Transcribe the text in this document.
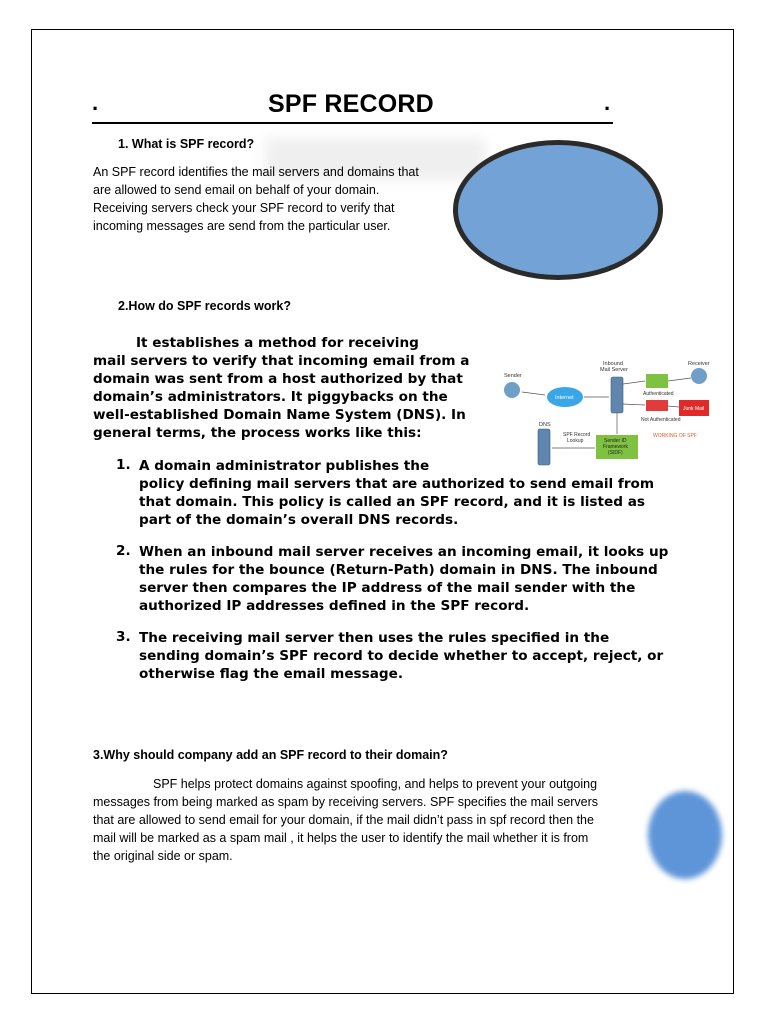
.	.
SPF RECORD
1. What is SPF record?
An SPF record identifies the mail servers and domains that
are allowed to send email on behalf of your domain.
Receiving servers check your SPF record to verify that
incoming messages are send from the particular user.
2.How do SPF records work?
It establishes a method for receiving
mail servers to verify that incoming email from a
domain was sent from a host authorized by that
domain’s administrators. It piggybacks on the
well-established Domain Name System (DNS). In
general terms, the process works like this:
Sender
Internet
Inbound
Mail Server
Receiver
Authenticated
Junk Mail
Not Authenticated
DNS
SPF Record
Lookup	Sender ID
Framework
(SIDF)
WORKING OF SPF
1. A domain administrator publishes the
policy defining mail servers that are authorized to send email from
that domain. This policy is called an SPF record, and it is listed as
part of the domain’s overall DNS records.
2. When an inbound mail server receives an incoming email, it looks up
the rules for the bounce (Return-Path) domain in DNS. The inbound
server then compares the IP address of the mail sender with the
authorized IP addresses defined in the SPF record.
3. The receiving mail server then uses the rules specified in the
sending domain’s SPF record to decide whether to accept, reject, or
otherwise flag the email message.
3.Why should company add an SPF record to their domain?
SPF helps protect domains against spoofing, and helps to prevent your outgoing
messages from being marked as spam by receiving servers. SPF specifies the mail servers
that are allowed to send email for your domain, if the mail didn’t pass in spf record then the
mail will be marked as a spam mail , it helps the user to identify the mail whether it is from
the original side or spam.
